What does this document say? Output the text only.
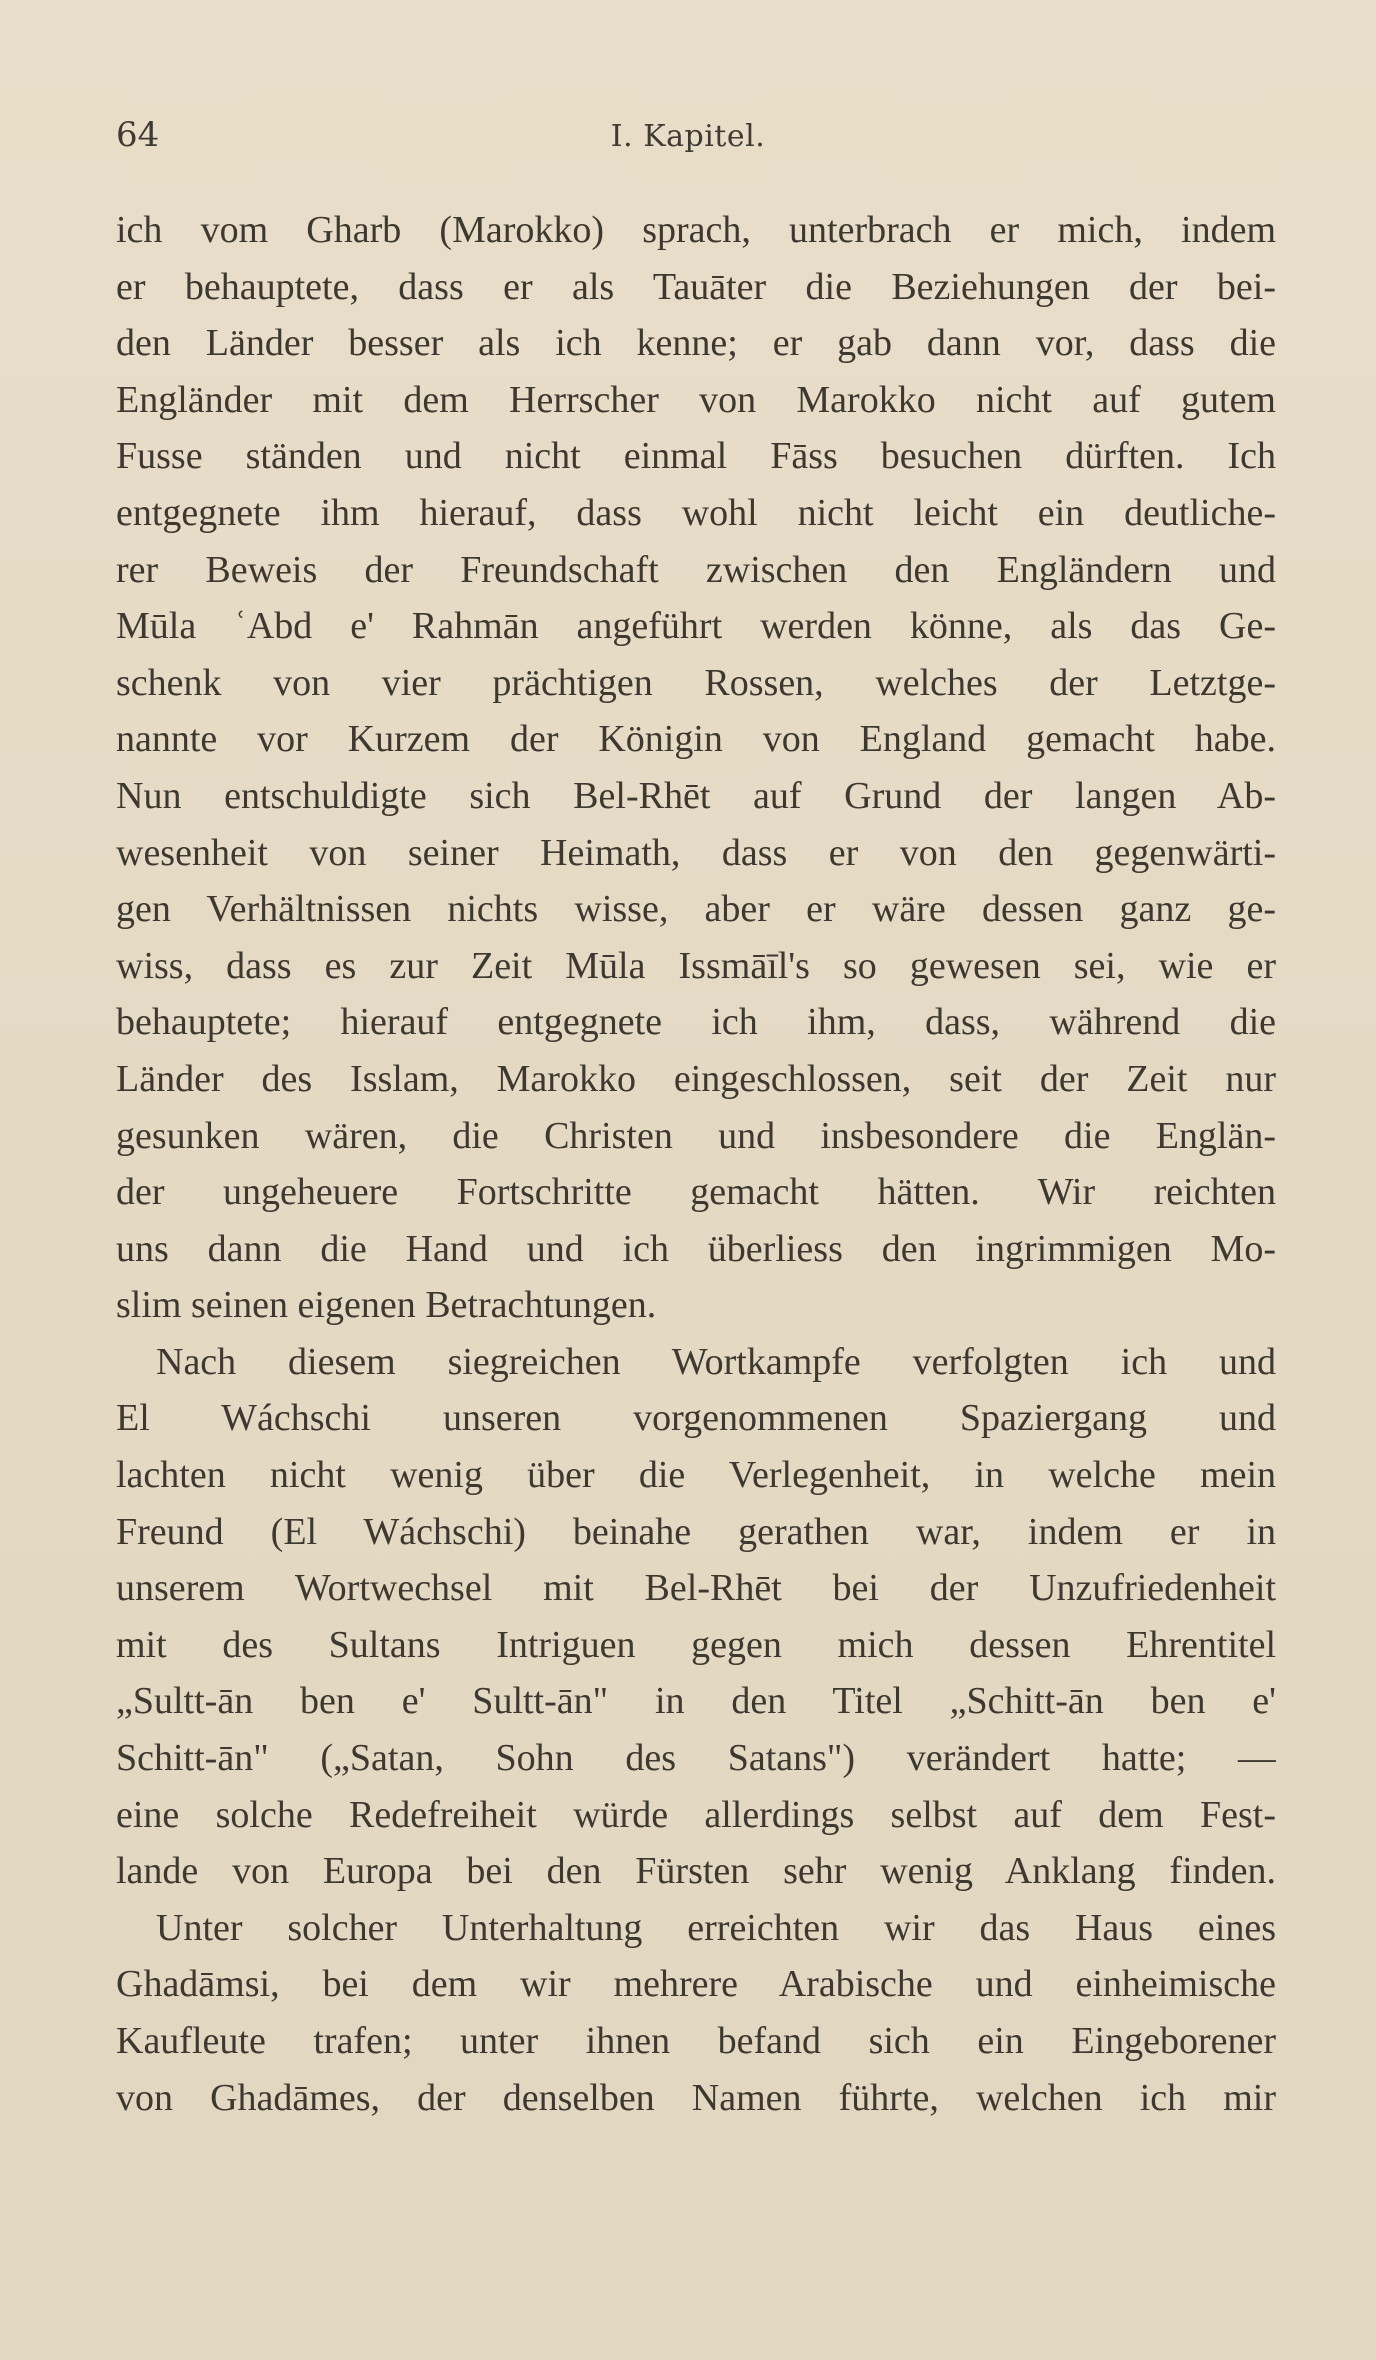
64	I. Kapitel.
ich vom Gharb (Marokko) sprach, unterbrach er mich, indem
er behauptete, dass er als Tauāter die Beziehungen der bei-
den Länder besser als ich kenne; er gab dann vor, dass die
Engländer mit dem Herrscher von Marokko nicht auf gutem
Fusse ständen und nicht einmal Fāss besuchen dürften. Ich
entgegnete ihm hierauf, dass wohl nicht leicht ein deutliche-
rer Beweis der Freundschaft zwischen den Engländern und
Mūla ʿAbd e' Rahmān angeführt werden könne, als das Ge-
schenk von vier prächtigen Rossen, welches der Letztge-
nannte vor Kurzem der Königin von England gemacht habe.
Nun entschuldigte sich Bel-Rhēt auf Grund der langen Ab-
wesenheit von seiner Heimath, dass er von den gegenwärti-
gen Verhältnissen nichts wisse, aber er wäre dessen ganz ge-
wiss, dass es zur Zeit Mūla Issmāīl's so gewesen sei, wie er
behauptete; hierauf entgegnete ich ihm, dass, während die
Länder des Isslam, Marokko eingeschlossen, seit der Zeit nur
gesunken wären, die Christen und insbesondere die Englän-
der ungeheuere Fortschritte gemacht hätten. Wir reichten
uns dann die Hand und ich überliess den ingrimmigen Mo-
slim seinen eigenen Betrachtungen.
Nach diesem siegreichen Wortkampfe verfolgten ich und
El Wáchschi unseren vorgenommenen Spaziergang und
lachten nicht wenig über die Verlegenheit, in welche mein
Freund (El Wáchschi) beinahe gerathen war, indem er in
unserem Wortwechsel mit Bel-Rhēt bei der Unzufriedenheit
mit des Sultans Intriguen gegen mich dessen Ehrentitel
„Sultt-ān ben e' Sultt-ān" in den Titel „Schitt-ān ben e'
Schitt-ān" („Satan, Sohn des Satans") verändert hatte; —
eine solche Redefreiheit würde allerdings selbst auf dem Fest-
lande von Europa bei den Fürsten sehr wenig Anklang finden.
Unter solcher Unterhaltung erreichten wir das Haus eines
Ghadāmsi, bei dem wir mehrere Arabische und einheimische
Kaufleute trafen; unter ihnen befand sich ein Eingeborener
von Ghadāmes, der denselben Namen führte, welchen ich mir
